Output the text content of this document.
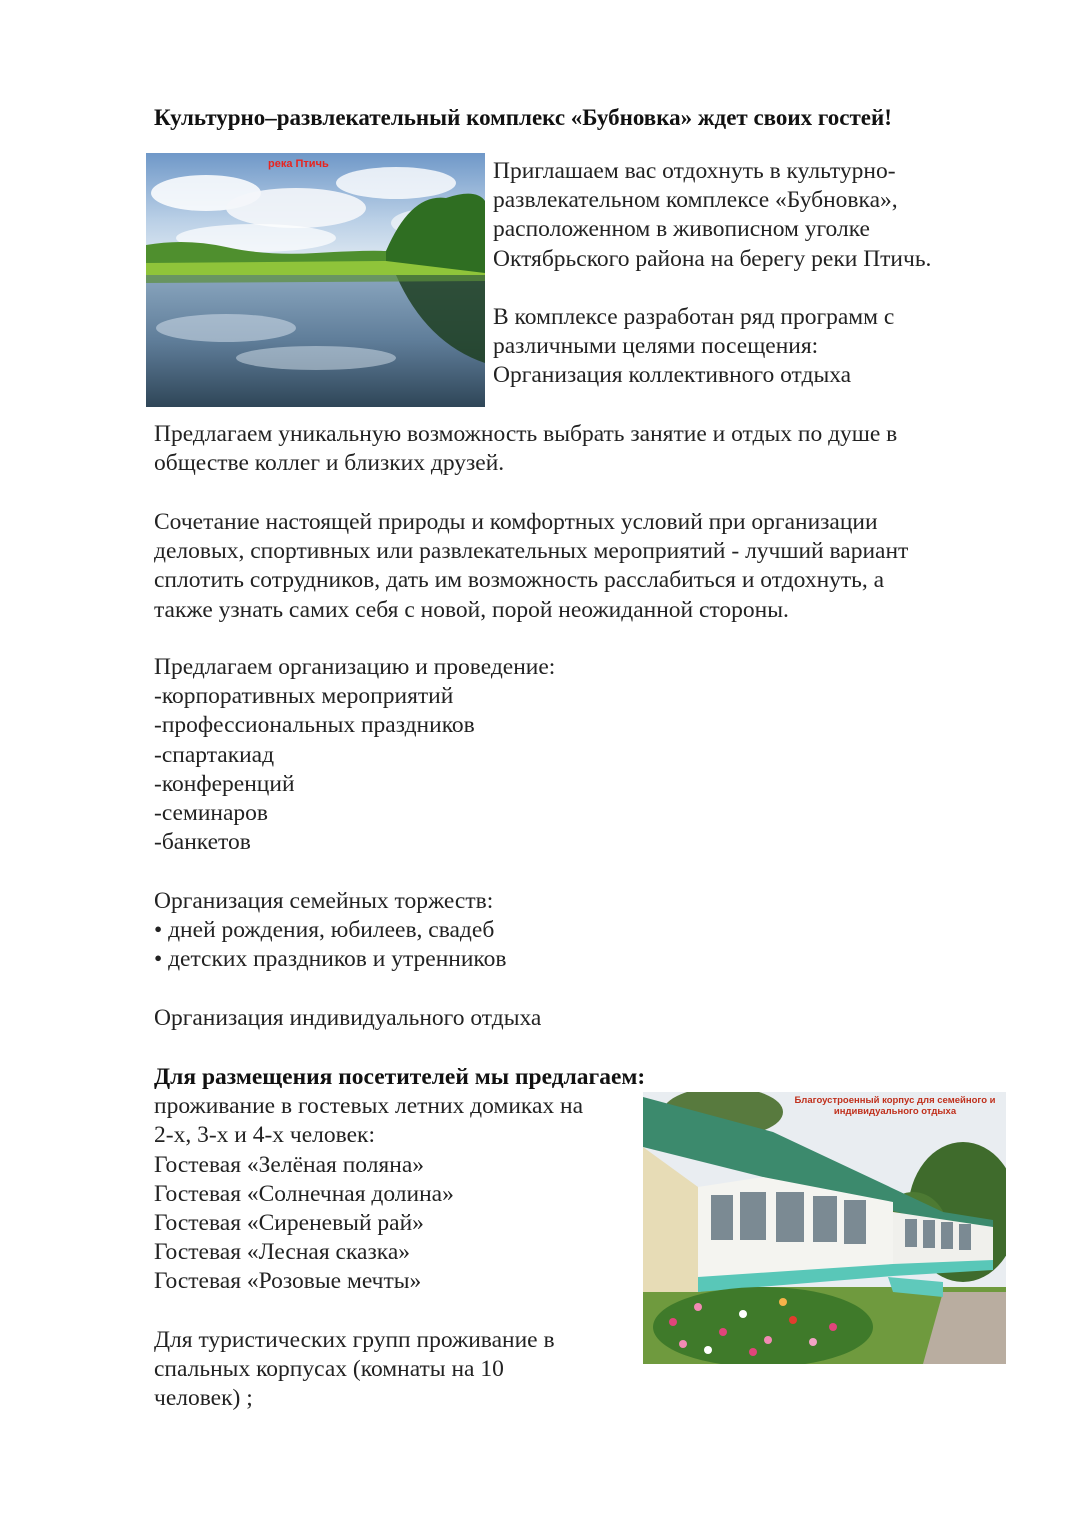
Культурно–развлекательный комплекс «Бубновка» ждет своих гостей!
река Птичь	Приглашаем вас отдохнуть в культурно-
развлекательном комплексе «Бубновка»,
расположенном в живописном уголке
Октябрьского района на берегу реки Птичь.
В комплексе разработан ряд программ с
различными целями посещения:
Организация коллективного отдыха
Предлагаем уникальную возможность выбрать занятие и отдых по душе в
обществе коллег и близких друзей.
Сочетание настоящей природы и комфортных условий при организации
деловых, спортивных или развлекательных мероприятий - лучший вариант
сплотить сотрудников, дать им возможность расслабиться и отдохнуть, а
также узнать самих себя с новой, порой неожиданной стороны.
Предлагаем организацию и проведение:
-корпоративных мероприятий
-профессиональных праздников
-спартакиад
-конференций
-семинаров
-банкетов
Организация семейных торжеств:
• дней рождения, юбилеев, свадеб
• детских праздников и утренников
Организация индивидуального отдыха
Для размещения посетителей мы предлагаем:
проживание в гостевых летних домиках на
2-х, 3-х и 4-х человек:
Гостевая «Зелёная поляна»
Гостевая «Солнечная долина»
Гостевая «Сиреневый рай»
Гостевая «Лесная сказка»
Гостевая «Розовые мечты»
Для туристических групп проживание в
спальных корпусах (комнаты на 10
человек) ;
Благоустроенный корпус для семейного и
индивидуального отдыха
